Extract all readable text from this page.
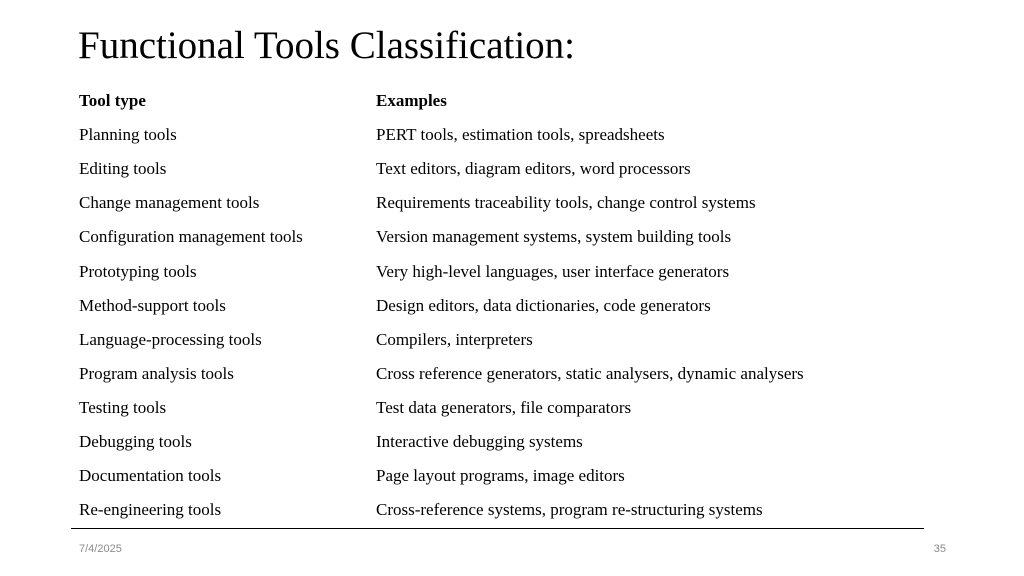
Functional Tools Classification:
Tool type	Examples
Planning tools	PERT tools, estimation tools, spreadsheets
Editing tools	Text editors, diagram editors, word processors
Change management tools	Requirements traceability tools, change control systems
Configuration management tools	Version management systems, system building tools
Prototyping tools	Very high-level languages, user interface generators
Method-support tools	Design editors, data dictionaries, code generators
Language-processing tools	Compilers, interpreters
Program analysis tools	Cross reference generators, static analysers, dynamic analysers
Testing tools	Test data generators, file comparators
Debugging tools	Interactive debugging systems
Documentation tools	Page layout programs, image editors
Re-engineering tools	Cross-reference systems, program re-structuring systems
7/4/2025	35
